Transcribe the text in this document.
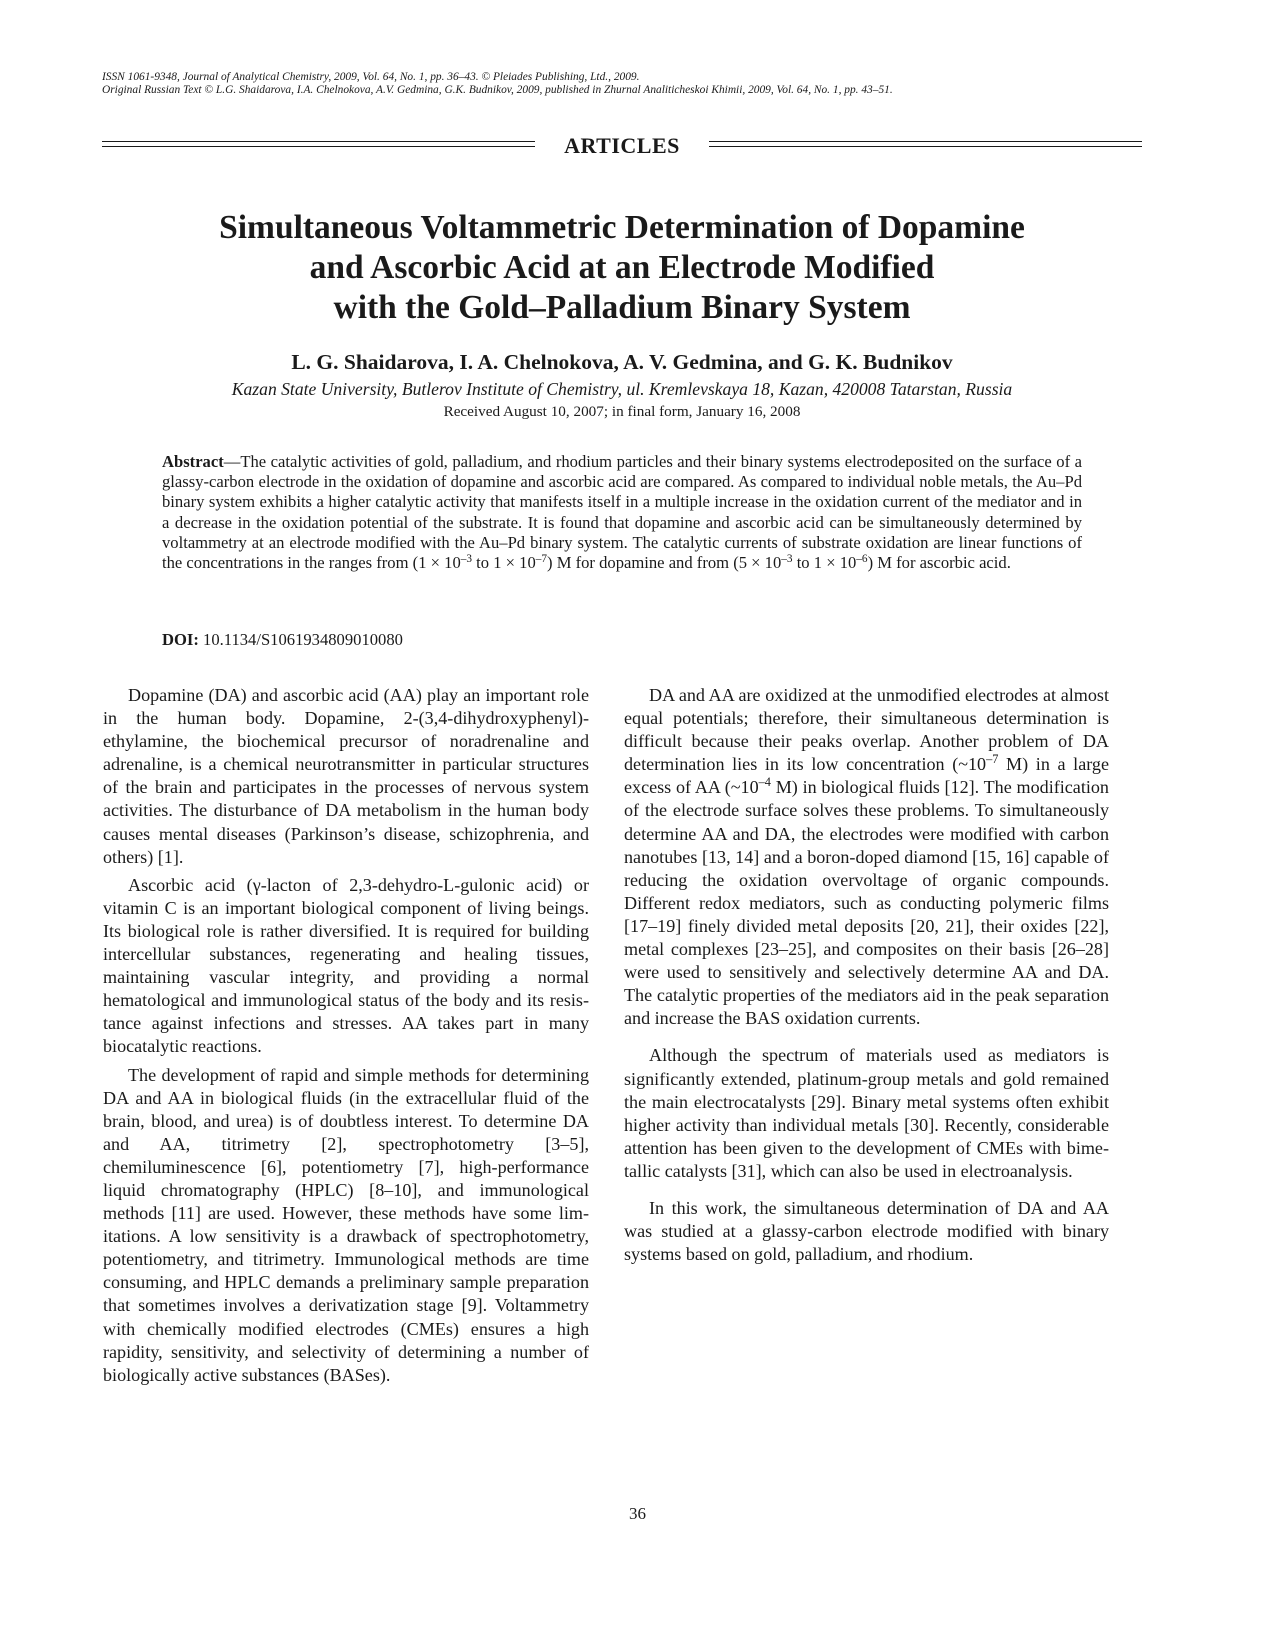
ISSN 1061-9348, Journal of Analytical Chemistry, 2009, Vol. 64, No. 1, pp. 36–43. © Pleiades Publishing, Ltd., 2009.
Original Russian Text © L.G. Shaidarova, I.A. Chelnokova, A.V. Gedmina, G.K. Budnikov, 2009, published in Zhurnal Analiticheskoi Khimii, 2009, Vol. 64, No. 1, pp. 43–51.
ARTICLES
Simultaneous Voltammetric Determination of Dopamine
and Ascorbic Acid at an Electrode Modified
with the Gold–Palladium Binary System
L. G. Shaidarova, I. A. Chelnokova, A. V. Gedmina, and G. K. Budnikov
Kazan State University, Butlerov Institute of Chemistry, ul. Kremlevskaya 18, Kazan, 420008 Tatarstan, Russia
Received August 10, 2007; in final form, January 16, 2008
Abstract—The catalytic activities of gold, palladium, and rhodium particles and their binary systems electrodeposited on the surface of a glassy-carbon electrode in the oxidation of dopamine and ascorbic acid are compared. As compared to individual noble metals, the Au–Pd binary system exhibits a higher catalytic activity that manifests itself in a multiple increase in the oxidation current of the mediator and in a decrease in the oxidation potential of the substrate. It is found that dopamine and ascorbic acid can be simultaneously determined by voltammetry at an electrode modified with the Au–Pd binary system. The catalytic currents of substrate oxidation are linear functions of the concentrations in the ranges from ($1 \times 10^{-3}$ to $1 \times 10^{-7}$) M for dopamine and from ($5 \times 10^{-3}$ to $1 \times 10^{-6}$) M for ascorbic acid.
DOI: 10.1134/S1061934809010080

Dopamine (DA) and ascorbic acid (AA) play an important role in the human body. Dopamine, 2-(3,4-dihydroxyphenyl)-ethylamine, the biochemical precursor of noradrenaline and adrenaline, is a chemical neurotransmitter in particular structures of the brain and participates in the processes of nervous system activities. The disturbance of DA metabolism in the human body causes mental diseases (Parkinson’s disease, schizophrenia, and others) [1].

Ascorbic acid (γ-lacton of 2,3-dehydro-L-gulonic acid) or vitamin C is an important biological component of living beings. Its biological role is rather diversified. It is required for building intercellular substances, regenerating and healing tissues, maintaining vascular integrity, and providing a normal hematological and immunological status of the body and its resistance against infections and stresses. AA takes part in many biocatalytic reactions.

The development of rapid and simple methods for determining DA and AA in biological fluids (in the extracellular fluid of the brain, blood, and urea) is of doubtless interest. To determine DA and AA, titrimetry [2], spectrophotometry [3–5], chemiluminescence [6], potentiometry [7], high-performance liquid chromatography (HPLC) [8–10], and immunological methods [11] are used. However, these methods have some limitations. A low sensitivity is a drawback of spectrophotometry, potentiometry, and titrimetry. Immunological methods are time consuming, and HPLC demands a preliminary sample preparation that sometimes involves a derivatization stage [9]. Voltammetry with chemically modified electrodes (CMEs) ensures a high rapidity, sensitivity, and selectivity of determining a number of biologically active substances (BASes).

DA and AA are oxidized at the unmodified electrodes at almost equal potentials; therefore, their simultaneous determination is difficult because their peaks overlap. Another problem of DA determination lies in its low concentration ($\sim 10^{-7}$ M) in a large excess of AA ($\sim 10^{-4}$ M) in biological fluids [12]. The modification of the electrode surface solves these problems. To simultaneously determine AA and DA, the electrodes were modified with carbon nanotubes [13, 14] and a boron-doped diamond [15, 16] capable of reducing the oxidation overvoltage of organic compounds. Different redox mediators, such as conducting polymeric films [17–19] finely divided metal deposits [20, 21], their oxides [22], metal complexes [23–25], and composites on their basis [26–28] were used to sensitively and selectively determine AA and DA. The catalytic properties of the mediators aid in the peak separation and increase the BAS oxidation currents.

Although the spectrum of materials used as mediators is significantly extended, platinum-group metals and gold remained the main electrocatalysts [29]. Binary metal systems often exhibit higher activity than individual metals [30]. Recently, considerable attention has been given to the development of CMEs with bimetallic catalysts [31], which can also be used in electroanalysis.

In this work, the simultaneous determination of DA and AA was studied at a glassy-carbon electrode modified with binary systems based on gold, palladium, and rhodium.

36
